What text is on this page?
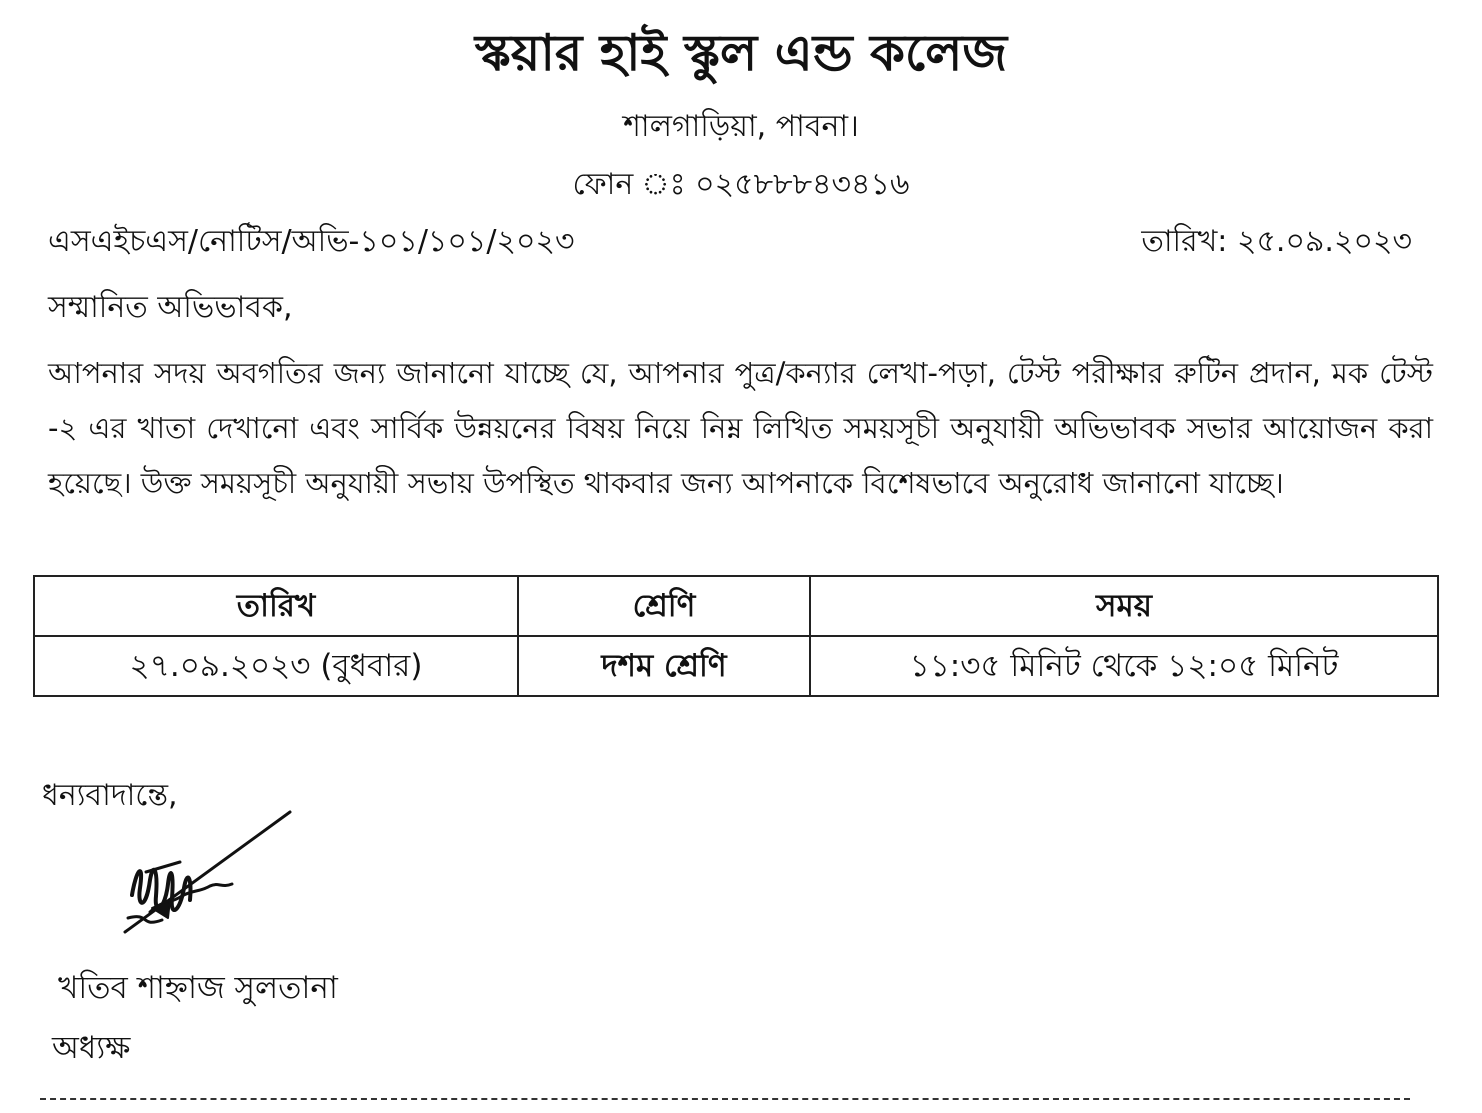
স্কয়ার হাই স্কুল এন্ড কলেজ
শালগাড়িয়া, পাবনা।
ফোন ঃ ০২৫৮৮৮৪৩৪১৬
এসএইচএস/নোটিস/অভি-১০১/১০১/২০২৩	তারিখ: ২৫.০৯.২০২৩
সম্মানিত অভিভাবক,
আপনার সদয় অবগতির জন্য জানানো যাচ্ছে যে, আপনার পুত্র/কন্যার লেখা-পড়া, টেস্ট পরীক্ষার রুটিন প্রদান, মক টেস্ট -২ এর খাতা দেখানো এবং সার্বিক উন্নয়নের বিষয় নিয়ে নিম্ন লিখিত সময়সূচী অনুযায়ী অভিভাবক সভার আয়োজন করা হয়েছে। উক্ত সময়সূচী অনুযায়ী সভায় উপস্থিত থাকবার জন্য আপনাকে বিশেষভাবে অনুরোধ জানানো যাচ্ছে।
তারিখ	শ্রেণি	সময়
২৭.০৯.২০২৩ (বুধবার)	দশম শ্রেণি	১১:৩৫ মিনিট থেকে ১২:০৫ মিনিট
ধন্যবাদান্তে,
খতিব শাহ্নাজ সুলতানা
অধ্যক্ষ
